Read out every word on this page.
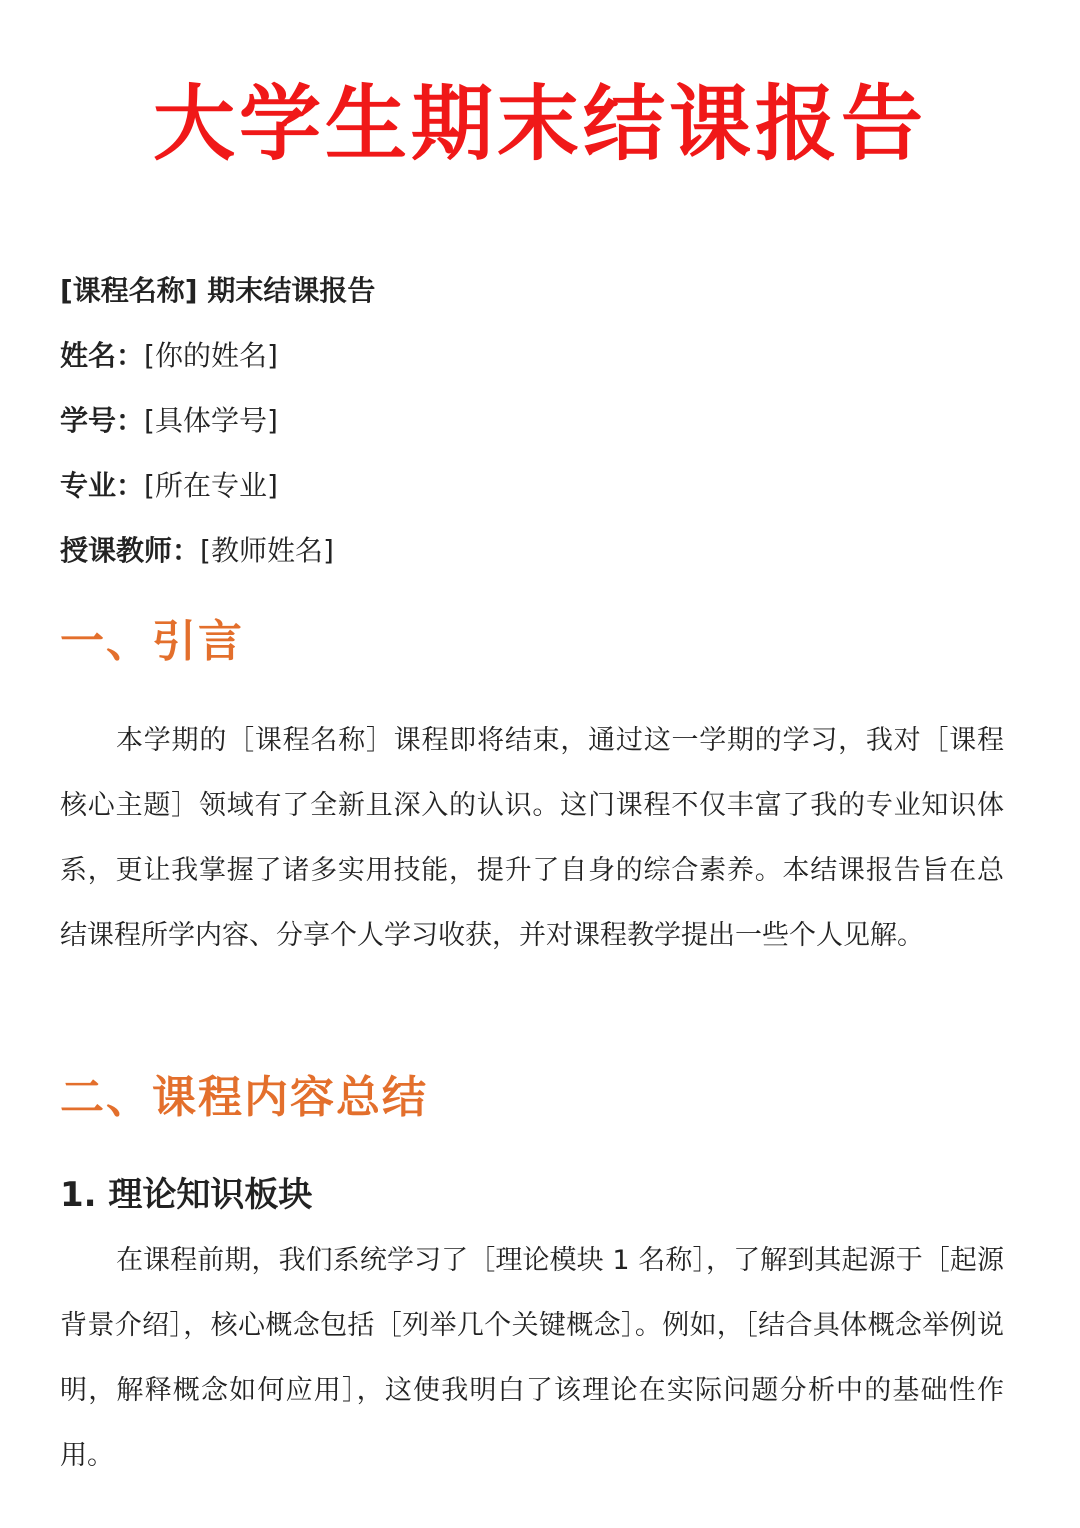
大学生期末结课报告
[课程名称] 期末结课报告
姓名：[你的姓名]
学号：[具体学号]
专业：[所在专业]
授课教师：[教师姓名]
一、引言

本学期的［课程名称］课程即将结束，通过这一学期的学习，我对［课程核心主题］领域有了全新且深入的认识。这门课程不仅丰富了我的专业知识体系，更让我掌握了诸多实用技能，提升了自身的综合素养。本结课报告旨在总结课程所学内容、分享个人学习收获，并对课程教学提出一些个人见解。

二、课程内容总结
1. 理论知识板块

在课程前期，我们系统学习了［理论模块 1 名称］，了解到其起源于［起源背景介绍］，核心概念包括［列举几个关键概念］。例如，［结合具体概念举例说明，解释概念如何应用］，这使我明白了该理论在实际问题分析中的基础性作用。
